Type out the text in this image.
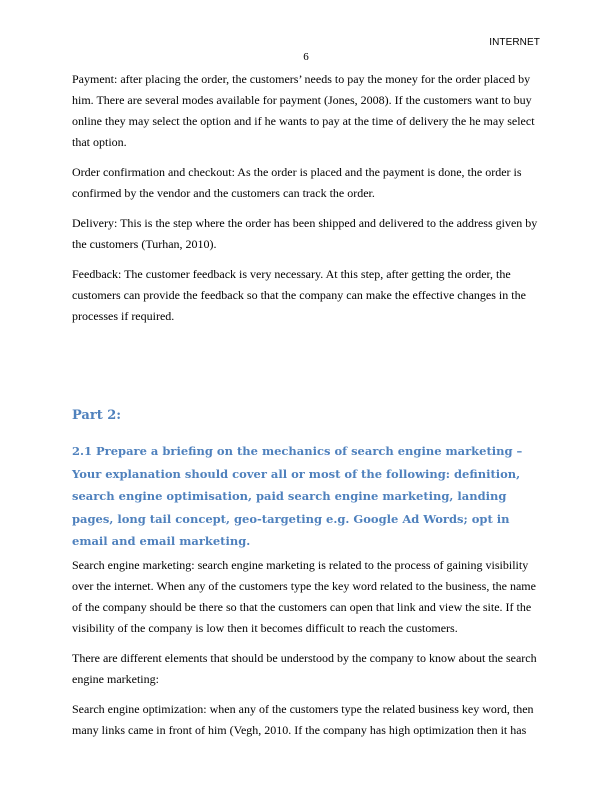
INTERNET
6

Payment: after placing the order, the customers’ needs to pay the money for the order placed by him. There are several modes available for payment (Jones, 2008). If the customers want to buy online they may select the option and if he wants to pay at the time of delivery the he may select that option.

Order confirmation and checkout: As the order is placed and the payment is done, the order is confirmed by the vendor and the customers can track the order.

Delivery: This is the step where the order has been shipped and delivered to the address given by the customers (Turhan, 2010).

Feedback: The customer feedback is very necessary. At this step, after getting the order, the customers can provide the feedback so that the company can make the effective changes in the processes if required.

Part 2:
2.1 Prepare a briefing on the mechanics of search engine marketing – Your explanation should cover all or most of the following: definition, search engine optimisation, paid search engine marketing, landing pages, long tail concept, geo-targeting e.g. Google Ad Words; opt in email and email marketing.

Search engine marketing: search engine marketing is related to the process of gaining visibility over the internet. When any of the customers type the key word related to the business, the name of the company should be there so that the customers can open that link and view the site. If the visibility of the company is low then it becomes difficult to reach the customers.

There are different elements that should be understood by the company to know about the search engine marketing:

Search engine optimization: when any of the customers type the related business key word, then many links came in front of him (Vegh, 2010. If the company has high optimization then it has
